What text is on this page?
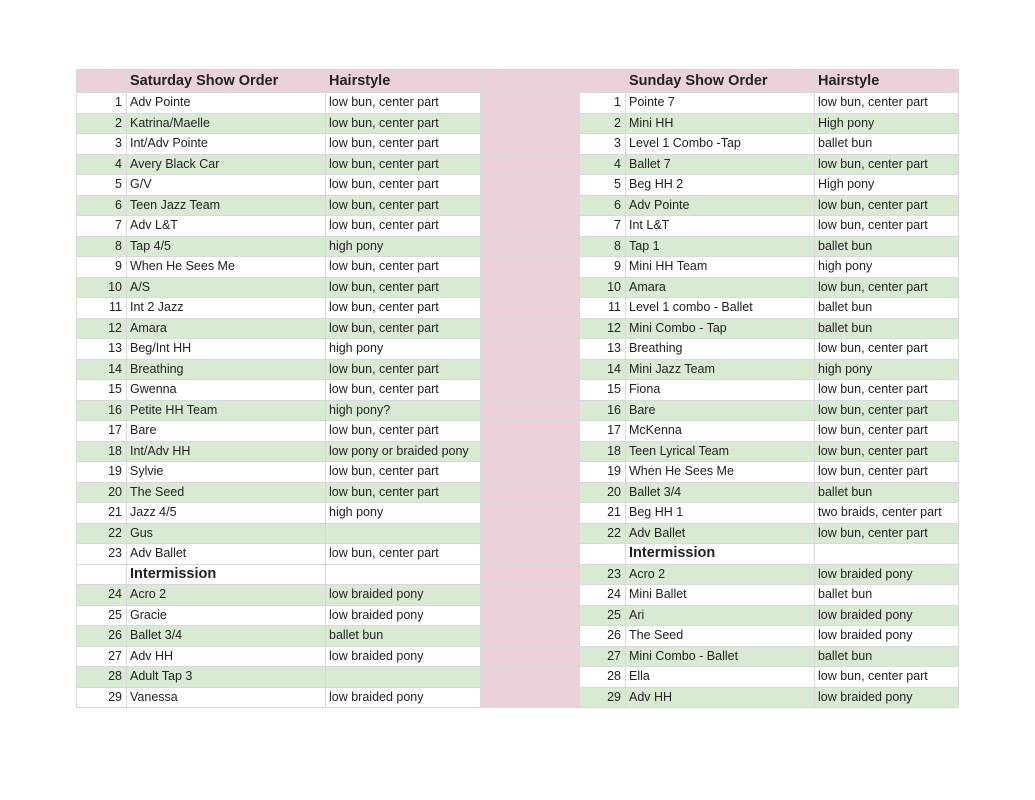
	Saturday Show Order	Hairstyle			Sunday Show Order	Hairstyle
1	Adv Pointe	low bun, center part		1	Pointe 7	low bun, center part
2	Katrina/Maelle	low bun, center part		2	Mini HH	High pony
3	Int/Adv Pointe	low bun, center part		3	Level 1 Combo -Tap	ballet bun
4	Avery Black Car	low bun, center part		4	Ballet 7	low bun, center part
5	G/V	low bun, center part		5	Beg HH 2	High pony
6	Teen Jazz Team	low bun, center part		6	Adv Pointe	low bun, center part
7	Adv L&T	low bun, center part		7	Int L&T	low bun, center part
8	Tap 4/5	high pony		8	Tap 1	ballet bun
9	When He Sees Me	low bun, center part		9	Mini HH Team	high pony
10	A/S	low bun, center part		10	Amara	low bun, center part
11	Int 2 Jazz	low bun, center part		11	Level 1 combo - Ballet	ballet bun
12	Amara	low bun, center part		12	Mini Combo - Tap	ballet bun
13	Beg/Int HH	high pony		13	Breathing	low bun, center part
14	Breathing	low bun, center part		14	Mini Jazz Team	high pony
15	Gwenna	low bun, center part		15	Fiona	low bun, center part
16	Petite HH Team	high pony?		16	Bare	low bun, center part
17	Bare	low bun, center part		17	McKenna	low bun, center part
18	Int/Adv HH	low pony or braided pony		18	Teen Lyrical Team	low bun, center part
19	Sylvie	low bun, center part		19	When He Sees Me	low bun, center part
20	The Seed	low bun, center part		20	Ballet 3/4	ballet bun
21	Jazz 4/5	high pony		21	Beg HH 1	two braids, center part
22	Gus			22	Adv Ballet	low bun, center part
23	Adv Ballet	low bun, center part			Intermission	
	Intermission			23	Acro 2	low braided pony
24	Acro 2	low braided pony		24	Mini Ballet	ballet bun
25	Gracie	low braided pony		25	Ari	low braided pony
26	Ballet 3/4	ballet bun		26	The Seed	low braided pony
27	Adv HH	low braided pony		27	Mini Combo - Ballet	ballet bun
28	Adult Tap 3			28	Ella	low bun, center part
29	Vanessa	low braided pony		29	Adv HH	low braided pony
